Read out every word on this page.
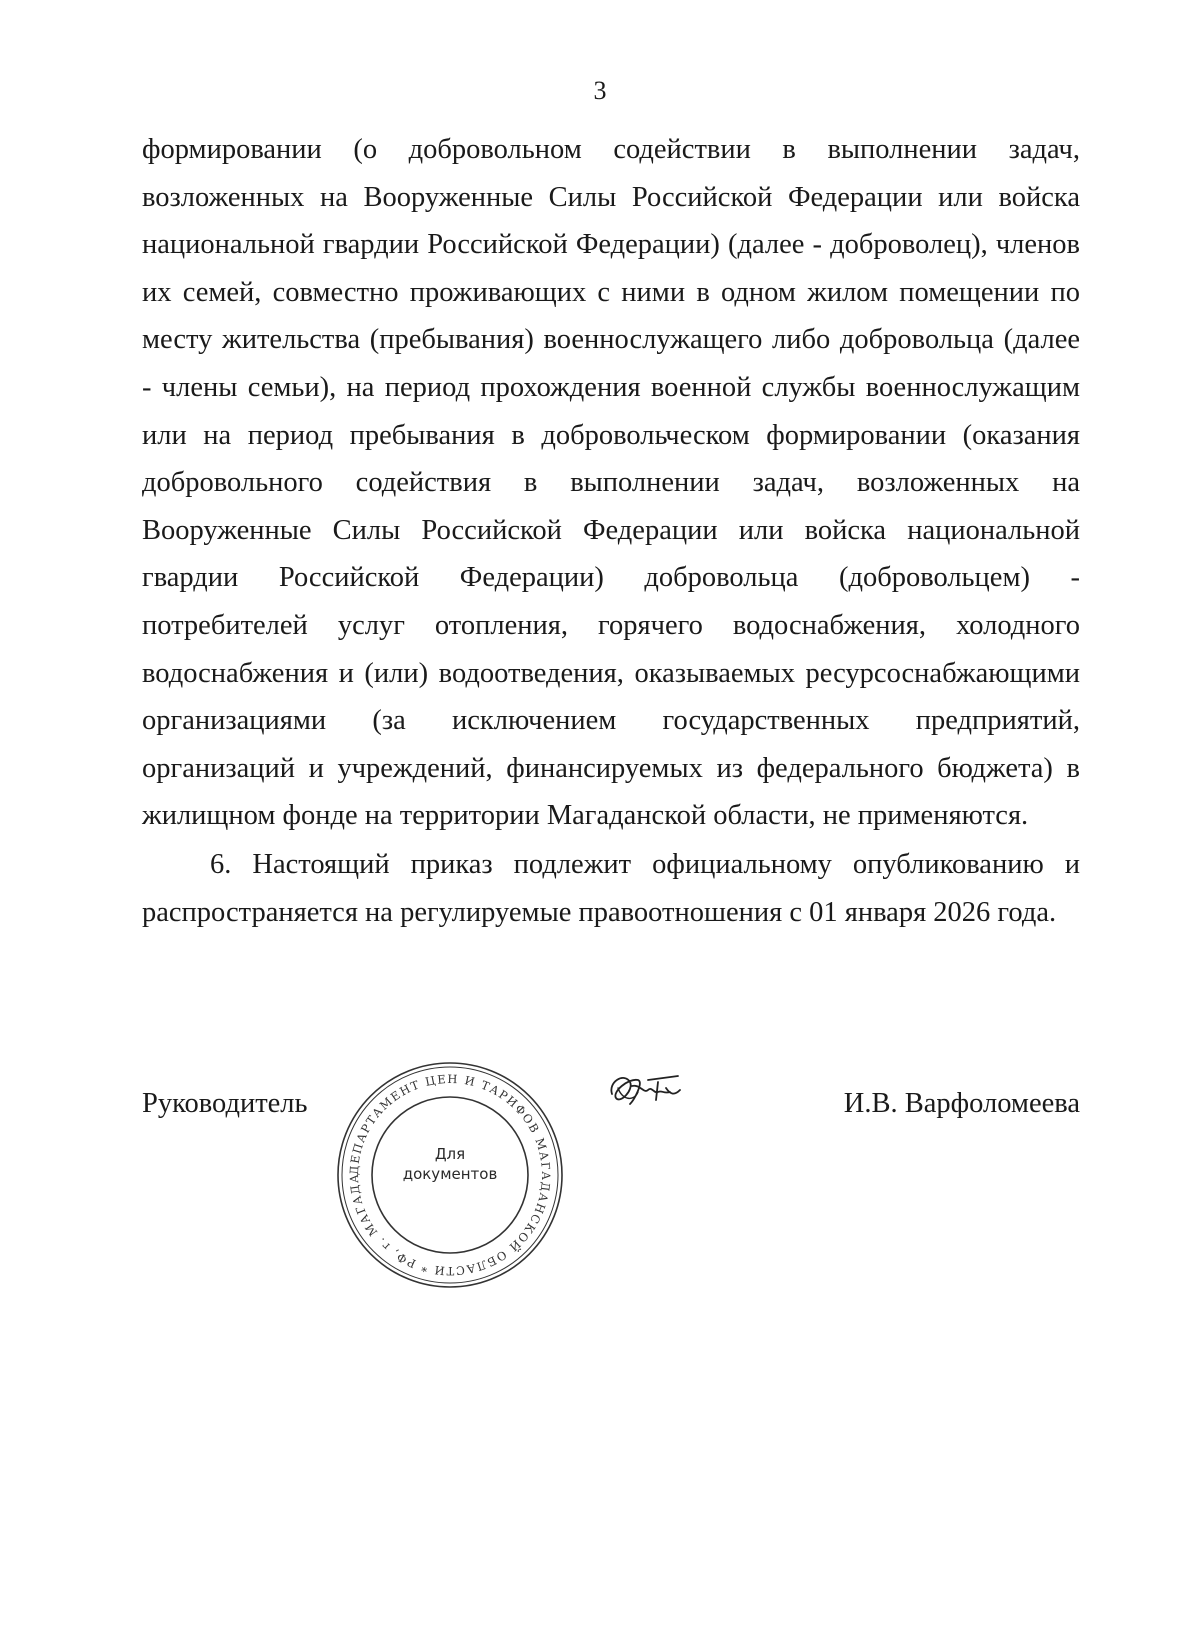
3

формировании (о добровольном содействии в выполнении задач, возложенных на Вооруженные Силы Российской Федерации или войска национальной гвардии Российской Федерации) (далее - доброволец), членов их семей, совместно проживающих с ними в одном жилом помещении по месту жительства (пребывания) военнослужащего либо добровольца (далее - члены семьи), на период прохождения военной службы военнослужащим или на период пребывания в добровольческом формировании (оказания добровольного содействия в выполнении задач, возложенных на Вооруженные Силы Российской Федерации или войска национальной гвардии Российской Федерации) добровольца (добровольцем) - потребителей услуг отопления, горячего водоснабжения, холодного водоснабжения и (или) водоотведения, оказываемых ресурсоснабжающими организациями (за исключением государственных предприятий, организаций и учреждений, финансируемых из федерального бюджета) в жилищном фонде на территории Магаданской области, не применяются.

6. Настоящий приказ подлежит официальному опубликованию и распространяется на регулируемые правоотношения с 01 января 2026 года.

Руководитель
ДЕПАРТАМЕНТ ЦЕН И ТАРИФОВ МАГАДАНСКОЙ ОБЛАСТИ * РФ, г. МАГАДА
Для
документов
И.В. Варфоломеева
